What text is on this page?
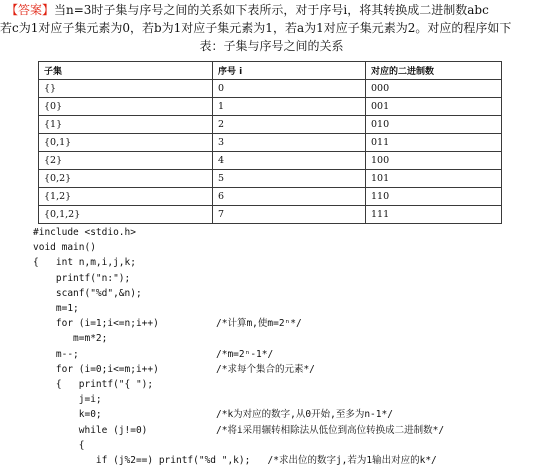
【答案】当n=3时子集与序号之间的关系如下表所示，对于序号i，将其转换成二进制数abc
若c为1对应子集元素为0，若b为1对应子集元素为1，若a为1对应子集元素为2。对应的程序如下
表：子集与序号之间的关系
子集	序号 i	对应的二进制数
{}	0	000
{0}	1	001
{1}	2	010
{0,1}	3	011
{2}	4	100
{0,2}	5	101
{1,2}	6	110
{0,1,2}	7	111
#include <stdio.h>
void main()
{   int n,m,i,j,k;
printf("n:");
scanf("%d",&n);
m=1;
for (i=1;i<=n;i++)          /*计算m,使m=2ⁿ*/
m=m*2;
m--;                        /*m=2ⁿ-1*/
for (i=0;i<=m;i++)          /*求每个集合的元素*/
{   printf("{ ");
j=i;
k=0;                    /*k为对应的数字,从0开始,至多为n-1*/
while (j!=0)            /*将i采用辗转相除法从低位到高位转换成二进制数*/
{
if (j%2==) printf("%d ",k);   /*求出位的数字j,若为1输出对应的k*/
